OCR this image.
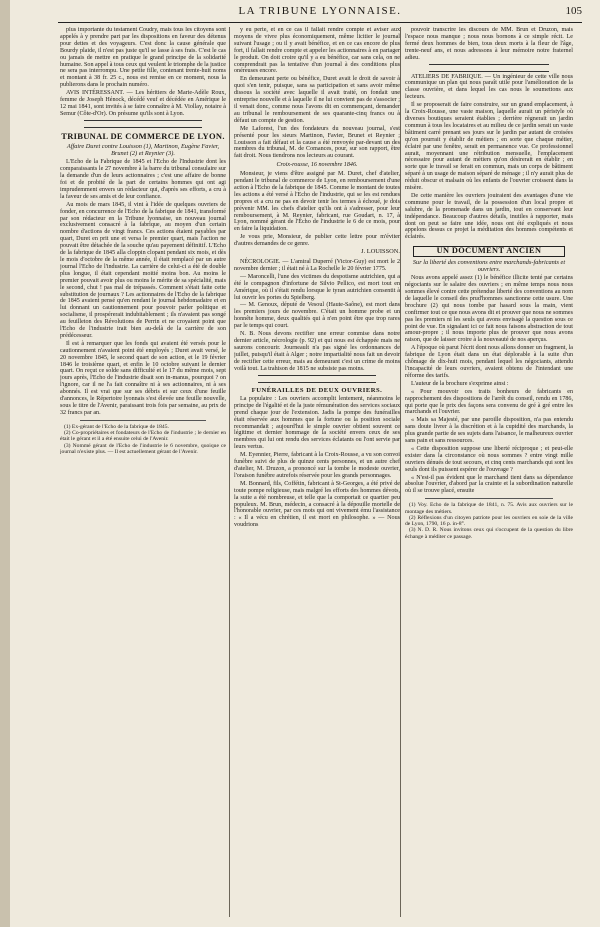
LA TRIBUNE LYONNAISE.	105

plus importante du testament Coudry, mais tous les citoyens sont appelés à y prendre part par les dispositions en faveur des détenus pour dettes et des voyageurs. C'est donc la cause générale que Bourdy plaide, il n'est pas juste qu'il se lasse à ses frais. C'est le cas ou jamais de mettre en pratique le grand principe de la solidarité humaine. Son appel à tous ceux qui veulent le triomphe de la justice ne sera pas interrompu. Une petite fille, contenant trente-huit noms et montant à 38 fr. 25 c., nous est remise en ce moment, nous la publierons dans le prochain numéro.

AVIS INTÉRESSANT. — Les héritiers de Marie-Adèle Roux, femme de Joseph Hénock, décédé veuf et décédée en Amérique le 12 mai 1841, sont invités à se faire connaître à M. Viollay, notaire à Semur (Côte-d'Or). On présume qu'ils sont à Lyon.

TRIBUNAL DE COMMERCE DE LYON.
Affaire Duret contre Louisson (1), Martinon, Eugène Favier, Brunet (2) et Reynier (3).

L'Echo de la Fabrique de 1845 et l'Echo de l'Industrie dont les comparaissants le 27 novembre à la barre du tribunal consulaire sur la demande d'un de leurs actionnaires ; c'est une affaire de bonne foi et de probité de la part de certains hommes qui ont agi imprudemment envers un rédacteur qui, d'après ses efforts, a cru à la faveur de ses amis et de leur confiance.

Au mois de mars 1845, il vint à l'idée de quelques ouvriers de fonder, en concurrence de l'Echo de la fabrique de 1841, transformé par son rédacteur en la Tribune lyonnaise, un nouveau journal exclusivement consacré à la fabrique, au moyen d'un certain nombre d'actions de vingt francs. Ces actions étaient payables par quart, Duret en prit une et versa le premier quart, mais l'action ne pouvait être détachée de la souche qu'au payement définitif. L'Echo de la fabrique de 1845 alla cloppin clopant pendant six mois, et dès le mois d'octobre de la même année, il était remplacé par un autre journal l'Echo de l'industrie. La carrière de celui-ci a été de double plus longue, il était cependant moitié moins bon. Au moins le premier pouvait avoir plus ou moins le mérite de sa spécialité, mais le second, chut ! pas mal de trépassés. Comment s'était faite cette substitution de journaux ? Les actionnaires de l'Echo de la fabrique de 1845 avaient pensé qu'en rendant le journal hebdomadaire et en lui donnant un cautionnement pour pouvoir parler politique et socialisme, il prospérerait indubitablement ; ils n'avaient pas songé au feuilleton des Révolutions de Perrin et ne croyaient point que l'Echo de l'industrie irait bien au-delà de la carrière de son prédécesseur.

Il est à remarquer que les fonds qui avaient été versés pour le cautionnement n'avaient point été employés ; Duret avait versé, le 20 novembre 1845, le second quart de son action, et le 19 février 1846 le troisième quart, et enfin le 10 octobre suivant le dernier quart. On reçut ce solde sans difficulté et le 17 du même mois, sept jours après, l'Echo de l'industrie disait son in-manus, pourquoi ? on l'ignore, car il ne l'a fait connaître ni à ses actionnaires, ni à ses abonnés. Il est vrai que sur ses débris et sur ceux d'une feuille d'annonces, le Répertoire lyonnais s'est élevée une feuille nouvelle, sous le titre de l'Avenir, paraissant trois fois par semaine, au prix de 32 francs par an.

(1) Ex-gérant de l'Echo de la fabrique de 1845.

(2) Co-propriétaires et fondateurs de l'Echo de l'industrie ; le dernier en était le gérant et il a été ensuite celui de l'Avenir.

(3) Nommé gérant de l'Echo de l'industrie le 6 novembre, quoique ce journal n'existe plus. — Il est actuellement gérant de l'Avenir.

y eu perte, et en ce cas il fallait rendre compte et aviser aux moyens de vivre plus économiquement, même licitier le journal suivant l'usage ; ou il y avait bénéfice, et en ce cas encore de plus fort, il fallait rendre compte et appeler les actionnaires à en partager le produit. On doit croire qu'il y a eu bénéfice, car sans cela, on ne comprendrait pas la tentative d'un journal à des conditions plus onéreuses encore.

En demeurant perte ou bénéfice, Duret avait le droit de savoir à quoi s'en tenir, puisque, sans sa participation et sans avoir même dissous la société avec laquelle il avait traité, on fondait une entreprise nouvelle et à laquelle il ne lui convient pas de s'associer ; il venait donc, comme nous l'avons dit en commençant, demander au tribunal le remboursement de ses quarante-cinq francs ou à défaut un compte de gestion.

Me Laforest, l'un des fondateurs du nouveau journal, s'est présenté pour les sieurs Martinon, Favier, Brunet et Reynier ; Louisson a fait défaut et la cause a été renvoyée par-devant un des membres du tribunal, M. de Comances, pour, sur son rapport, être fait droit. Nous tiendrons nos lecteurs au courant.

Croix-rousse, 16 novembre 1846.

Monsieur, je viens d'être assigné par M. Duret, chef d'atelier, pendant le tribunal de commerce de Lyon, en remboursement d'une action à l'Echo de la fabrique de 1845. Comme le montant de toutes les actions a été versé à l'Echo de l'industrie, qui se les est rendues propres et a cru ne pas en devoir tenir les termes à échoué, je dois prévenir MM. les chefs d'atelier qu'ils ont à s'adresser, pour leur remboursement, à M. Reynier, fabricant, rue Goudart, n. 17, à Lyon, nommé gérant de l'Echo de l'industrie le 6 de ce mois, pour en faire la liquidation.

Je vous prie, Monsieur, de publier cette lettre pour m'éviter d'autres demandes de ce genre.

J. LOUISSON.

NÉCROLOGIE. — L'amiral Duperré (Victor-Guy) est mort le 2 novembre dernier ; il était né à La Rochelle le 20 février 1775.

— Maroncelli, l'une des victimes du despotisme autrichien, qui a été le compagnon d'infortune de Silvio Pellico, est mort tout en Amérique, où il s'était rendu lorsque le tyran autrichien consentit à lui ouvrir les portes du Spielberg.

— M. Genoux, député de Vesoul (Haute-Saône), est mort dans les premiers jours de novembre. C'était un homme probe et un honnête homme, deux qualités qui à n'en point être que trop rares par le temps qui court.

N. B. Nous devons rectifier une erreur commise dans notre dernier article, nécrologie (p. 92) et qui nous est échappée mais ne saurons concourir. Journeault n'a pas signé les ordonnances de juillet, puisqu'il était à Alger ; notre impartialité nous fait un devoir de rectifier cette erreur, mais au demeurant c'est un crime de moins voilà tout. La trahison de 1815 ne subsiste pas moins.

FUNÉRAILLES DE DEUX OUVRIERS.

La populaire : Les ouvriers accomplit lentement, néanmoins le principe de l'égalité et de la juste rémunération des services sociaux prend chaque jour de l'extension. Jadis la pompe des funérailles était réservée aux hommes que la fortune ou la position sociale recommandait ; aujourd'hui le simple ouvrier obtient souvent ce légitime et dernier hommage de la société envers ceux de ses membres qui lui ont rendu des services éclatants ou l'ont servie par leurs vertus.

M. Eyennier, Pierre, fabricant à la Croix-Rousse, a vu son convoi funèbre suivi de plus de quinze cents personnes, et un autre chef d'atelier, M. Druzon, a prononcé sur la tombe le modeste ouvrier, l'oraison funèbre autrefois réservée pour les grands personnages.

M. Bonnard, fils, Coffétin, fabricant à St-Georges, a été privé de toute pompe religieuse, mais malgré les efforts des hommes dévots, la suite a été nombreuse, et telle que la comportait ce quartier peu populeux. M. Brun, médecin, a consacré à la dépouille mortelle de l'honorable ouvrier, par ces mots qui ont vivement ému l'assistance : « Il a vécu en chrétien, il est mort en philosophe. » — Nous voudrions

pouvoir transcrire les discours de MM. Brun et Druzon, mais l'espace nous manque ; nous nous bornons à ce simple récit. Le fermé deux hommes de bien, tous deux morts à la fleur de l'âge, trente-neuf ans, et nous adressons à leur mémoire notre fraternel adieu.

ATELIERS DE FABRIQUE. — Un ingénieur de cette ville nous communique un plan qui nous paraît utile pour l'amélioration de la classe ouvrière, et dans lequel les cas nous le soumettons aux lecteurs.

Il se proposerait de faire construire, sur un grand emplacement, à la Croix-Rousse, une vaste maison, laquelle aurait un péristyle où diverses boutiques seraient établies ; derrière régnerait un jardin commun à tous les locataires et au milieu de ce jardin serait un vaste bâtiment carré prenant ses jours sur le jardin par autant de croisées qu'on pourrait y établir de métiers ; en sorte que chaque métier, éclairé par une fenêtre, serait en permanence vue. Ce professionnel aurait, moyennant une rétribution mensuelle, l'emplacement nécessaire pour autant de métiers qu'on désirerait en établir ; en sorte que le travail se ferait en commun, mais un corps de bâtiment séparé à un usage de maison séparé de ménage ; il n'y aurait plus de réduit obscur et malsain où les enfants de l'ouvrier croissent dans la misère.

De cette manière les ouvriers jouiraient des avantages d'une vie commune pour le travail, de la possession d'un local propre et salubre, de la promenade dans un jardin, tout en conservant leur indépendance. Beaucoup d'autres détails, inutiles à rapporter, mais dont on peut se faire une idée, nous ont été expliqués et nous appelons dessus ce projet la méditation des hommes compétents et éclairés.

UN DOCUMENT ANCIEN
Sur la liberté des conventions entre marchands-fabricants et ouvriers.

Nous avons appelé assez (1) le bénéfice illicite tenté par certains négociants sur le salaire des ouvriers ; en même temps nous nous sommes élevé contre cette prétendue liberté des conventions au nom de laquelle le conseil des prud'hommes sanctionne cette usure. Une brochure (2) qui nous tombe par hasard sous la main, vient confirmer tout ce que nous avons dit et prouver que nous ne sommes pas les premiers ni les seuls qui avons envisagé la question sous ce point de vue. En signalant ici ce fait nous faisons abstraction de tout amour-propre ; il nous importe plus de prouver que nous avons raison, que de laisser croire à la nouveauté de nos aperçus.

A l'époque où parut l'écrit dont nous allons donner un fragment, la fabrique de Lyon était dans un état déplorable à la suite d'un chômage de dix-huit mois, pendant lequel les négociants, attendu l'incapacité de leurs ouvriers, avaient obtenu de l'intendant une réforme des tarifs.

L'auteur de la brochure s'exprime ainsi :

« Pour mouvoir ces traits bonheurs de fabricants en rapprochement des dispositions de l'arrêt du conseil, rendu en 1786, qui porte que le prix des façons sera convenu de gré à gré entre les marchands et l'ouvrier.

« Mais sa Majesté, par une paroille disposition, n'a pas entendu sans doute livrer à la discrétion et à la cupidité des marchands, la plus grande partie de ses sujets dans l'aisance, le malheureux ouvrier sans pain et sans ressources.

« Cette disposition suppose une liberté réciproque ; et peut-elle exister dans la circonstance où nous sommes ? entre vingt mille ouvriers dénués de tout secours, et cinq cents marchands qui sont les seuls dont ils puissent espérer de l'ouvrage ?

« N'est-il pas évident que le marchand tient dans sa dépendance absolue l'ouvrier, d'abord par la crainte et la subordination naturelle où il se trouve placé, ensuite

(1) Voy. Echo de la fabrique de 1841, n. 75. Avis aux ouvriers sur le montage des métiers.

(2) Réflexions d'un citoyen patriote pour les ouvriers en soie de la ville de Lyon, 1790, 16 p. in-8°.

(3) N. D. R. Nous invitons ceux qui s'occupent de la question du libre échange à méditer ce passage.
